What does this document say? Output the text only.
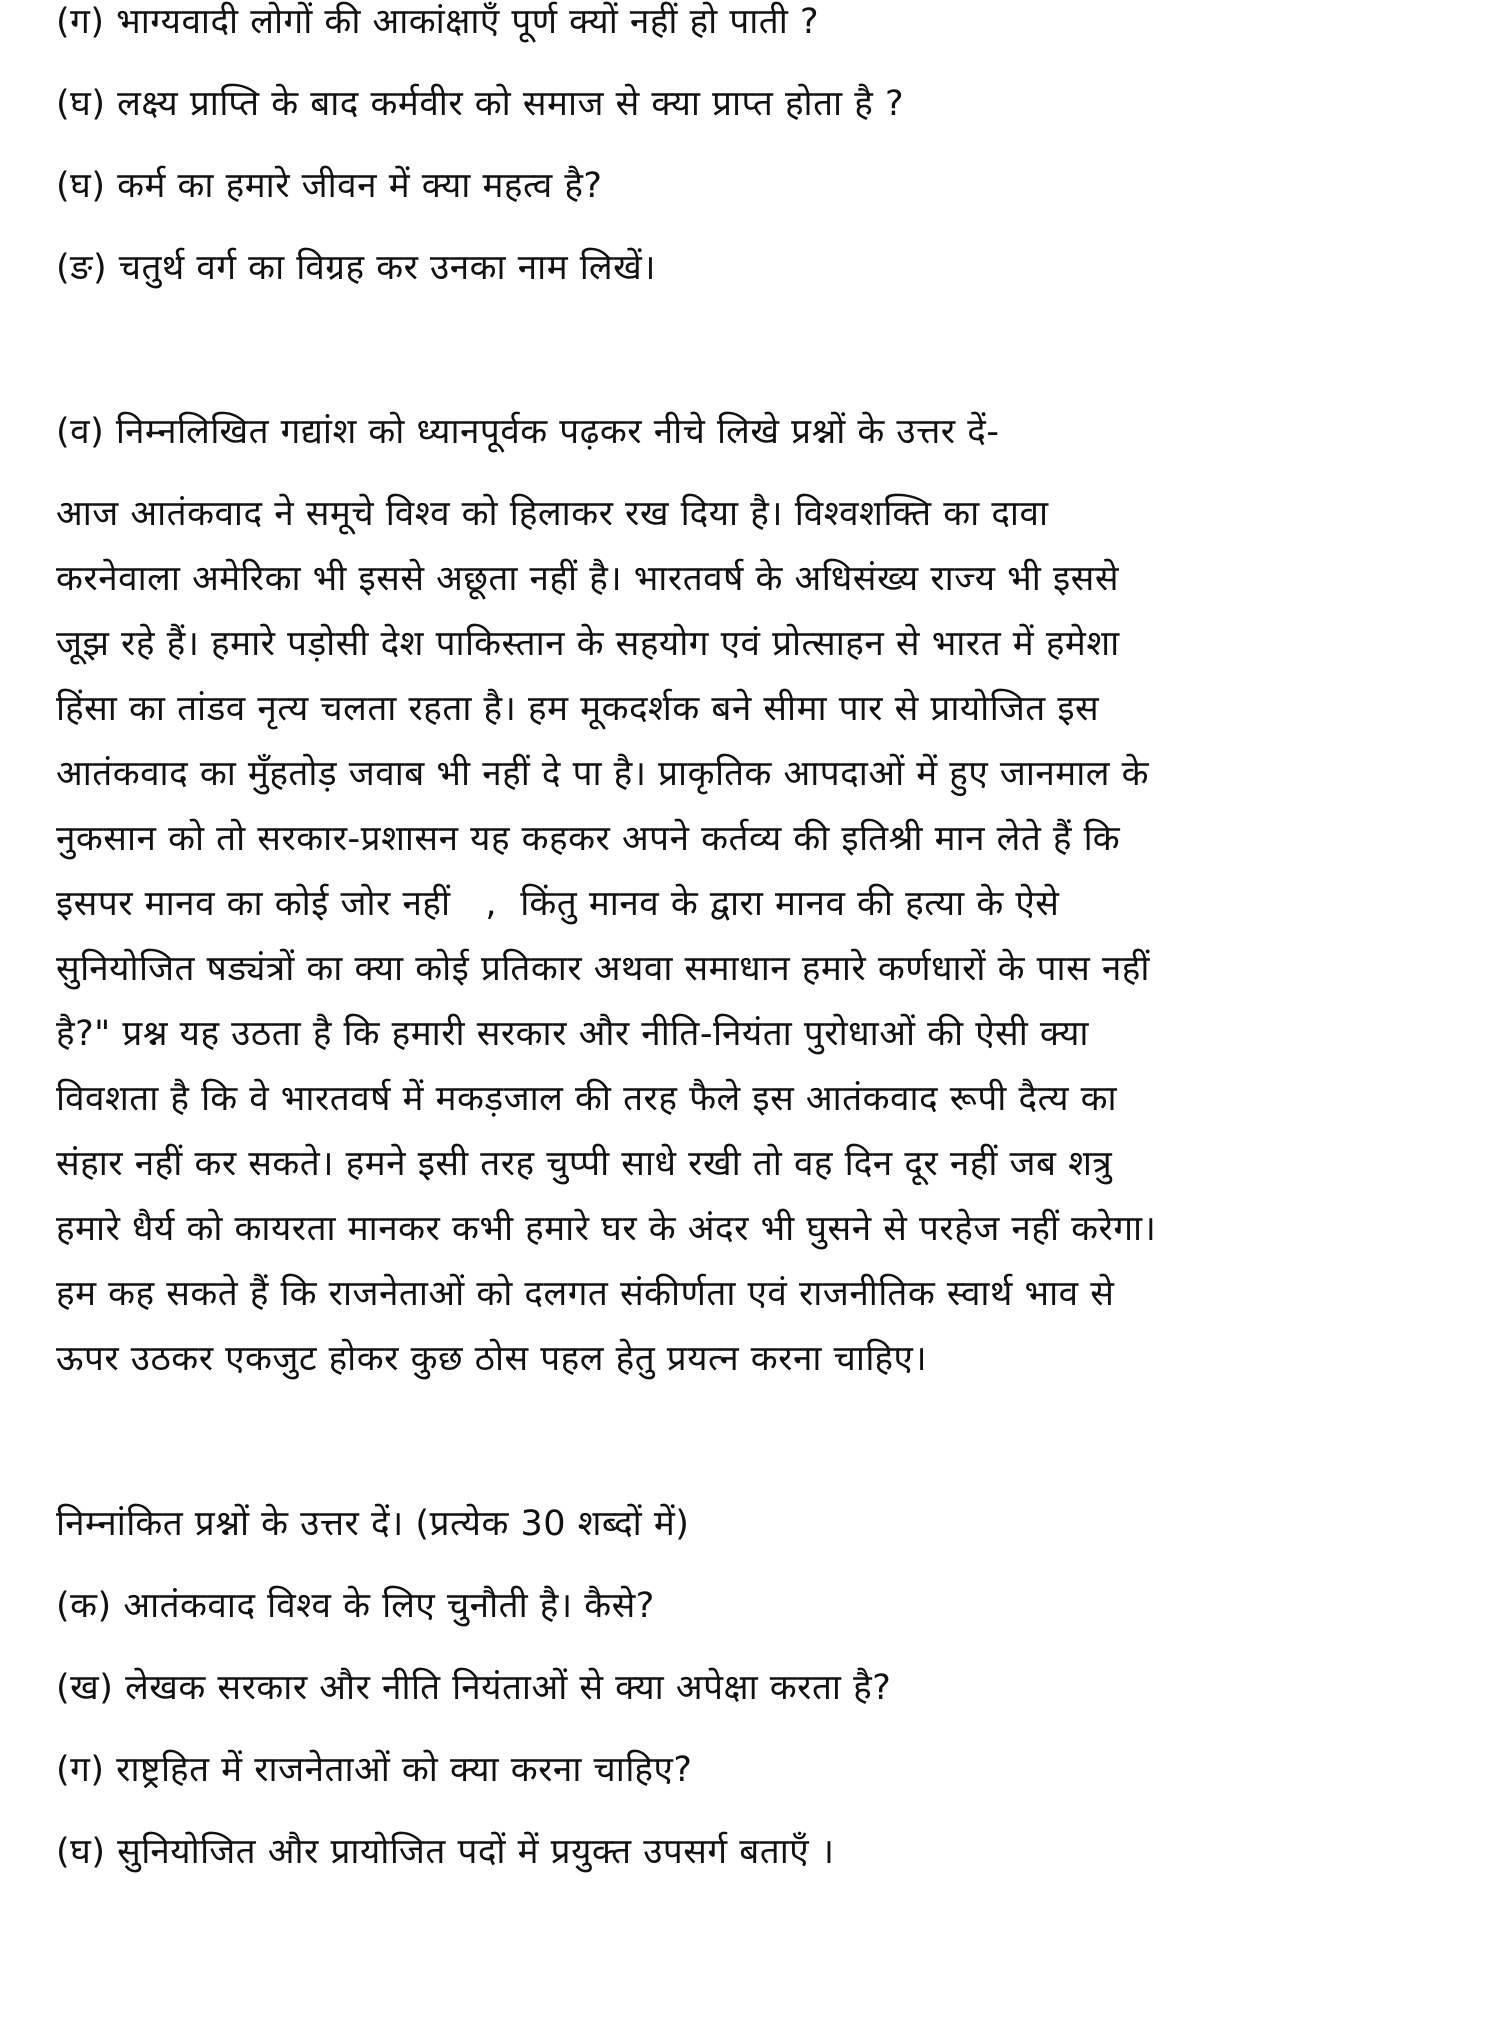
(ग) भाग्यवादी लोगों की आकांक्षाएँ पूर्ण क्यों नहीं हो पाती ?
(घ) लक्ष्य प्राप्ति के बाद कर्मवीर को समाज से क्या प्राप्त होता है ?
(घ) कर्म का हमारे जीवन में क्या महत्व है?
(ङ) चतुर्थ वर्ग का विग्रह कर उनका नाम लिखें।
(व) निम्नलिखित गद्यांश को ध्यानपूर्वक पढ़कर नीचे लिखे प्रश्नों के उत्तर दें-
आज आतंकवाद ने समूचे विश्व को हिलाकर रख दिया है। विश्वशक्ति का दावा
करनेवाला अमेरिका भी इससे अछूता नहीं है। भारतवर्ष के अधिसंख्य राज्य भी इससे
जूझ रहे हैं। हमारे पड़ोसी देश पाकिस्तान के सहयोग एवं प्रोत्साहन से भारत में हमेशा
हिंसा का तांडव नृत्य चलता रहता है। हम मूकदर्शक बने सीमा पार से प्रायोजित इस
आतंकवाद का मुँहतोड़ जवाब भी नहीं दे पा है। प्राकृतिक आपदाओं में हुए जानमाल के
नुकसान को तो सरकार-प्रशासन यह कहकर अपने कर्तव्य की इतिश्री मान लेते हैं कि
इसपर मानव का कोई जोर नहीं   ,  किंतु मानव के द्वारा मानव की हत्या के ऐसे
सुनियोजित षड्यंत्रों का क्या कोई प्रतिकार अथवा समाधान हमारे कर्णधारों के पास नहीं
है?" प्रश्न यह उठता है कि हमारी सरकार और नीति-नियंता पुरोधाओं की ऐसी क्या
विवशता है कि वे भारतवर्ष में मकड़जाल की तरह फैले इस आतंकवाद रूपी दैत्य का
संहार नहीं कर सकते। हमने इसी तरह चुप्पी साधे रखी तो वह दिन दूर नहीं जब शत्रु
हमारे धैर्य को कायरता मानकर कभी हमारे घर के अंदर भी घुसने से परहेज नहीं करेगा।
हम कह सकते हैं कि राजनेताओं को दलगत संकीर्णता एवं राजनीतिक स्वार्थ भाव से
ऊपर उठकर एकजुट होकर कुछ ठोस पहल हेतु प्रयत्न करना चाहिए।
निम्नांकित प्रश्नों के उत्तर दें। (प्रत्येक 30 शब्दों में)
(क) आतंकवाद विश्व के लिए चुनौती है। कैसे?
(ख) लेखक सरकार और नीति नियंताओं से क्या अपेक्षा करता है?
(ग) राष्ट्रहित में राजनेताओं को क्या करना चाहिए?
(घ) सुनियोजित और प्रायोजित पदों में प्रयुक्त उपसर्ग बताएँ ।
